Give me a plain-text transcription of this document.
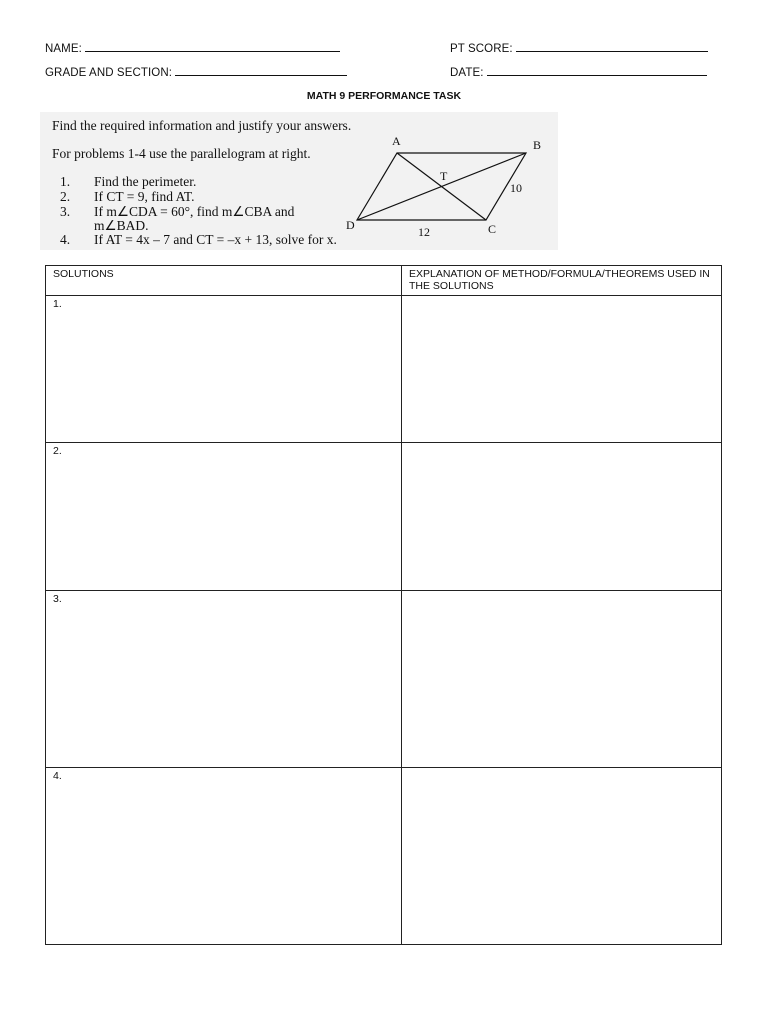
NAME:	PT SCORE:
GRADE AND SECTION:	DATE:
MATH 9 PERFORMANCE TASK
Find the required information and justify your answers.
For problems 1-4 use the parallelogram at right.
1.	Find the perimeter.
2.	If CT = 9, find AT.
3.	If m∠CDA = 60°, find m∠CBA and
m∠BAD.
4.	If AT = 4x – 7 and CT = –x + 13, solve for x.
A	B
C
D
T
10
12
SOLUTIONS	EXPLANATION OF METHOD/FORMULA/THEOREMS USED IN THE SOLUTIONS
1.	
2.	
3.	
4.	
